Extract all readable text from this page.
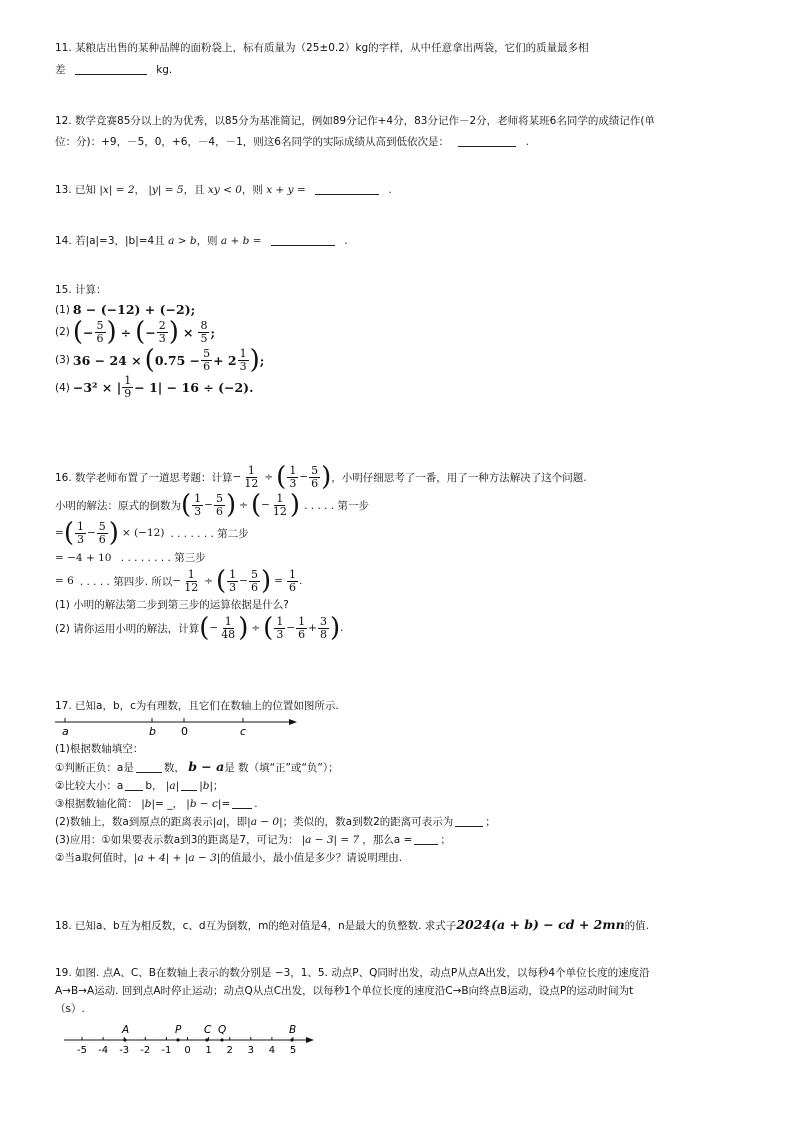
11. 某粮店出售的某种品牌的面粉袋上，标有质量为（25±0.2）kg的字样，从中任意拿出两袋，它们的质量最多相
差	kg.
12. 数学竞赛85分以上的为优秀，以85分为基准简记，例如89分记作+4分，83分记作－2分，老师将某班6名同学的成绩记作(单
位：分)：+9，－5，0，+6，－4，－1，则这6名同学的实际成绩从高到低依次是：	.
13. 已知 |x| = 2， |y| = 5，且 xy < 0，则 x + y =	.
14. 若|a|=3，|b|=4且 a > b，则 a + b =	.
15. 计算：
(1) 8 − (−12) + (−2);
(2) ( − $\frac{5}{6}$ ) ÷ ( − $\frac{2}{3}$ ) × $\frac{8}{5}$ ;
(3) 36 − 24 × ( $0.75 - \frac{5}{6} + 2 \frac{1}{3}$ ) ;
(4) −3² × | $\frac{1}{9} - 1| - 16 \div (-2)$.
16. 数学老师布置了一道思考题：计算 − $\frac{1}{12}$ ÷ ( $\frac{1}{3} - \frac{5}{6}$ ) ，小明仔细思考了一番，用了一种方法解决了这个问题.
小明的解法：原式的倒数为 ( $\frac{1}{3} - \frac{5}{6}$ ) ÷ ( − $\frac{1}{12}$ ) . . . . . 第一步
= ( $\frac{1}{3} - \frac{5}{6}$ ) × (−12) . . . . . . . 第二步
= −4 + 10 . . . . . . . . 第三步
= 6 . . . . . 第四步. 所以 − $\frac{1}{12}$ ÷ ( $\frac{1}{3} - \frac{5}{6}$ ) = $\frac{1}{6}$ .
(1) 小明的解法第二步到第三步的运算依据是什么?
(2) 请你运用小明的解法，计算 ( − $\frac{1}{48}$ ) ÷ ( $\frac{1}{3} - \frac{1}{6} + \frac{3}{8}$ ) .
17. 已知a，b，c为有理数，且它们在数轴上的位置如图所示.
a	b 0	c
(1)根据数轴填空：
①判断正负：a是	数， b − a是 数（填“正”或“负”）；
②比较大小：a b， |a| |b|；
③根据数轴化简： |b|= _， |b − c|= .
(2)数轴上，数a到原点的距离表示|a|，即|a − 0|；类似的，数a到数2的距离可表示为	；
(3)应用：①如果要表示数a到3的距离是7，可记为： |a − 3| = 7 ，那么a =	；
②当a取何值时，|a + 4| + |a − 3|的值最小，最小值是多少？请说明理由.
18. 已知a、b互为相反数，c、d互为倒数，m的绝对值是4，n是最大的负整数. 求式子2024(a + b) − cd + 2mn的值.
19. 如图. 点A、C、B在数轴上表示的数分别是 −3，1、5. 动点P、Q同时出发，动点P从点A出发，以每秒4个单位长度的速度沿
A→B→A运动. 回到点A时停止运动；动点Q从点C出发，以每秒1个单位长度的速度沿C→B向终点B运动，设点P的运动时间为t
（s）.
-5 -4 -3 -2 -1 0 1 2 3 4 5
A	P C Q	B
